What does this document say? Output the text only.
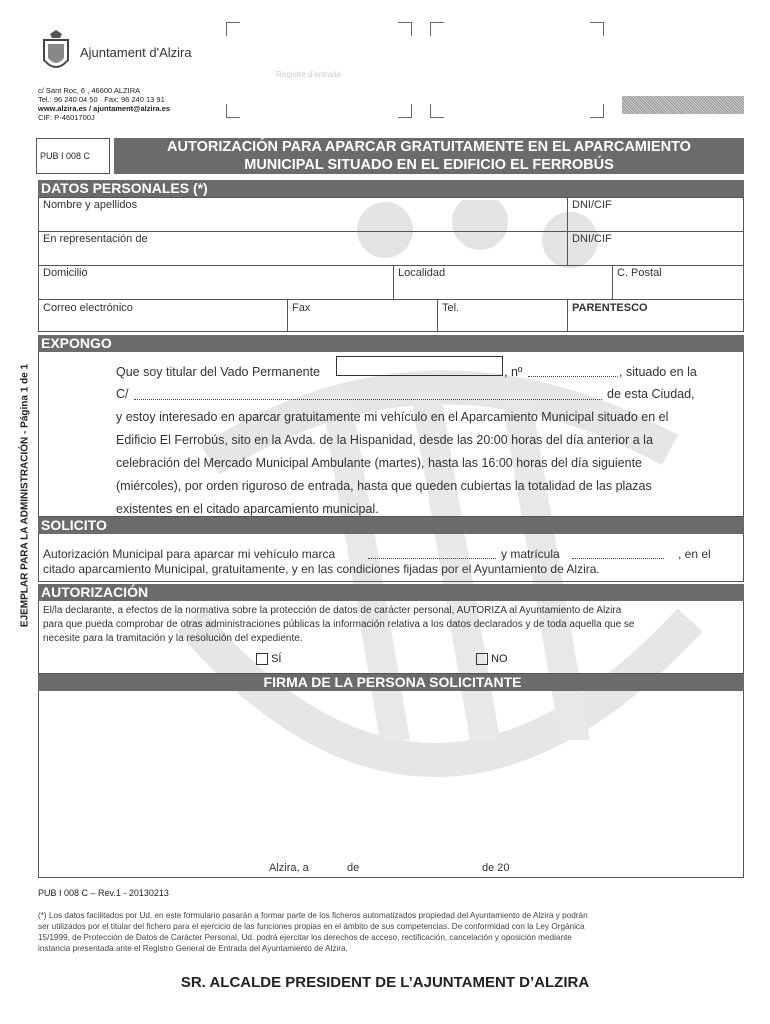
Ajuntament d'Alzira
c/ Sant Roc, 6 , 46600 ALZIRA
Tel.: 96 240 04 50 · Fax: 96 240 13 91
www.alzira.es / ajuntament@alzira.es
CIF: P-4601700J
Registre d'entrada
PUB I 008 C
AUTORIZACIÓN PARA APARCAR GRATUITAMENTE EN EL APARCAMIENTO
MUNICIPAL SITUADO EN EL EDIFICIO EL FERROBÚS
EJEMPLAR PARA LA ADMINISTRACIÓN - Página 1 de 1
DATOS PERSONALES (*)
Nombre y apellidos	DNI/CIF
En representación de	DNI/CIF
Domicilio	Localidad	C. Postal
Correo electrónico	Fax	Tel.	PARENTESCO
EXPONGO
Que soy titular del Vado Permanente	, nº	, situado en la
C/	de esta Ciudad,
y estoy interesado en aparcar gratuitamente mi vehículo en el Aparcamiento Municipal situado en el
Edificio El Ferrobús, sito en la Avda. de la Hispanidad, desde las 20:00 horas del día anterior a la
celebración del Mercado Municipal Ambulante (martes), hasta las 16:00 horas del día siguiente
(miércoles), por orden riguroso de entrada, hasta que queden cubiertas la totalidad de las plazas
existentes en el citado aparcamiento municipal.
SOLICITO
Autorización Municipal para aparcar mi vehículo marca	y matrícula	, en el
citado aparcamiento Municipal, gratuitamente, y en las condiciones fijadas por el Ayuntamiento de Alzira.
AUTORIZACIÓN
El/la declarante, a efectos de la normativa sobre la protección de datos de carácter personal, AUTORIZA al Ayuntamiento de Alzira
para que pueda comprobar de otras administraciones públicas la información relativa a los datos declarados y de toda aquella que se
necesite para la tramitación y la resolución del expediente.
SÍ	NO
FIRMA DE LA PERSONA SOLICITANTE
Alzira, a	de	de 20
PUB I 008 C – Rev.1 - 20130213
(*) Los datos facilitados por Ud. en este formulario pasarán a formar parte de los ficheros automatizados propiedad del Ayuntamiento de Alzira y podrán
ser utilizados por el titular del fichero para el ejercicio de las funciones propias en el ámbito de sus competencias. De conformidad con la Ley Orgánica
15/1999, de Protección de Datos de Carácter Personal, Ud. podrá ejercitar los derechos de acceso, rectificación, cancelación y oposición mediante
instancia presentada ante el Registro General de Entrada del Ayuntamiento de Alzira.
SR. ALCALDE PRESIDENT DE L’AJUNTAMENT D’ALZIRA
